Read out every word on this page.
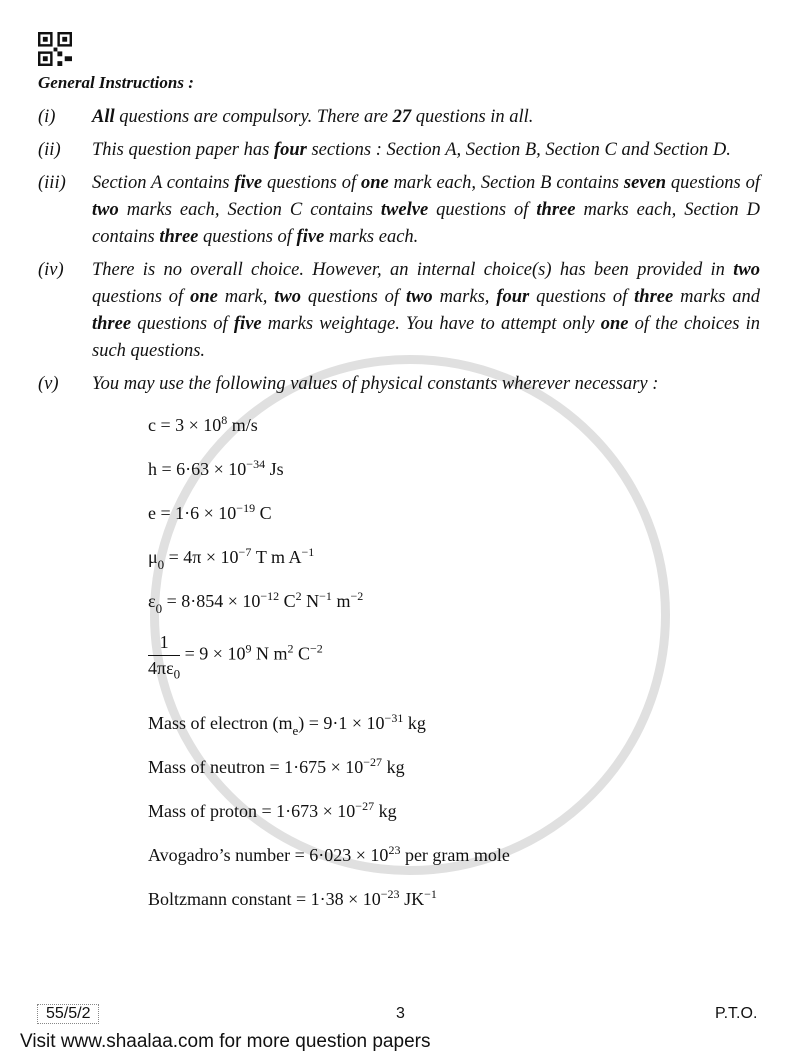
General Instructions :
(i) All questions are compulsory. There are 27 questions in all.
(ii) This question paper has four sections : Section A, Section B, Section C and Section D.
(iii) Section A contains five questions of one mark each, Section B contains seven questions of two marks each, Section C contains twelve questions of three marks each, Section D contains three questions of five marks each.
(iv) There is no overall choice. However, an internal choice(s) has been provided in two questions of one mark, two questions of two marks, four questions of three marks and three questions of five marks weightage. You have to attempt only one of the choices in such questions.
(v) You may use the following values of physical constants wherever necessary :
$c = 3 \times 10^8$ m/s
$h = 6\cdot 63 \times 10^{-34}$ Js
$e = 1\cdot 6 \times 10^{-19}$ C
$\mu_0 = 4\pi \times 10^{-7}$ T m $A^{-1}$
$\varepsilon_0 = 8\cdot 854 \times 10^{-12}$ $C^2$ $N^{-1}$ $m^{-2}$
$\frac{1}{4\pi\varepsilon_0} = 9 \times 10^9$ N $m^2$ $C^{-2}$
Mass of electron $(m_e) = 9\cdot 1 \times 10^{-31}$ kg
Mass of neutron = $1\cdot 675 \times 10^{-27}$ kg
Mass of proton = $1\cdot 673 \times 10^{-27}$ kg
Avogadro’s number = $6\cdot 023 \times 10^{23}$ per gram mole
Boltzmann constant = $1\cdot 38 \times 10^{-23}$ $JK^{-1}$
55/5/2	3	P.T.O.
Visit www.shaalaa.com for more question papers
